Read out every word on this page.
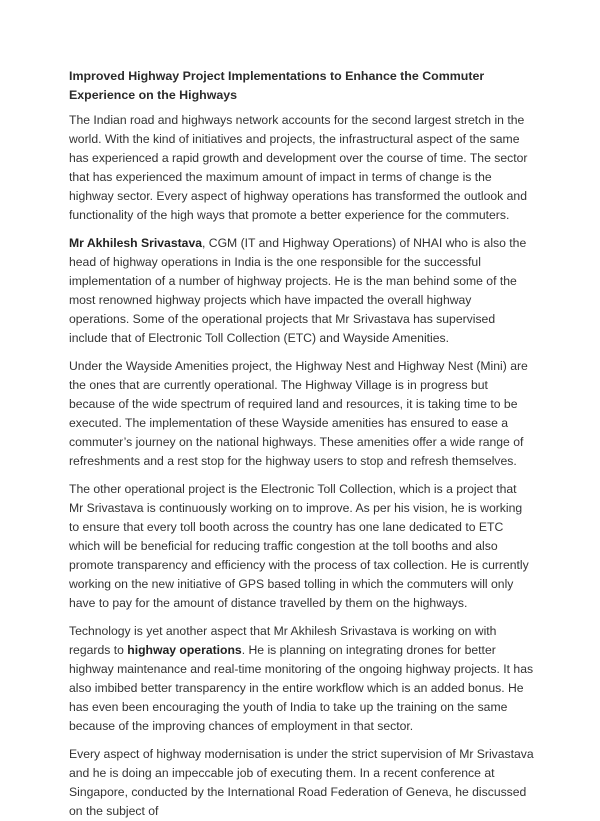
Improved Highway Project Implementations to Enhance the Commuter Experience on the Highways

The Indian road and highways network accounts for the second largest stretch in the world. With the kind of initiatives and projects, the infrastructural aspect of the same has experienced a rapid growth and development over the course of time. The sector that has experienced the maximum amount of impact in terms of change is the highway sector. Every aspect of highway operations has transformed the outlook and functionality of the high ways that promote a better experience for the commuters.

Mr Akhilesh Srivastava, CGM (IT and Highway Operations) of NHAI who is also the head of highway operations in India is the one responsible for the successful implementation of a number of highway projects. He is the man behind some of the most renowned highway projects which have impacted the overall highway operations. Some of the operational projects that Mr Srivastava has supervised include that of Electronic Toll Collection (ETC) and Wayside Amenities.

Under the Wayside Amenities project, the Highway Nest and Highway Nest (Mini) are the ones that are currently operational. The Highway Village is in progress but because of the wide spectrum of required land and resources, it is taking time to be executed. The implementation of these Wayside amenities has ensured to ease a commuter’s journey on the national highways. These amenities offer a wide range of refreshments and a rest stop for the highway users to stop and refresh themselves.

The other operational project is the Electronic Toll Collection, which is a project that Mr Srivastava is continuously working on to improve. As per his vision, he is working to ensure that every toll booth across the country has one lane dedicated to ETC which will be beneficial for reducing traffic congestion at the toll booths and also promote transparency and efficiency with the process of tax collection. He is currently working on the new initiative of GPS based tolling in which the commuters will only have to pay for the amount of distance travelled by them on the highways.

Technology is yet another aspect that Mr Akhilesh Srivastava is working on with regards to highway operations. He is planning on integrating drones for better highway maintenance and real-time monitoring of the ongoing highway projects. It has also imbibed better transparency in the entire workflow which is an added bonus. He has even been encouraging the youth of India to take up the training on the same because of the improving chances of employment in that sector.

Every aspect of highway modernisation is under the strict supervision of Mr Srivastava and he is doing an impeccable job of executing them. In a recent conference at Singapore, conducted by the International Road Federation of Geneva, he discussed on the subject of
